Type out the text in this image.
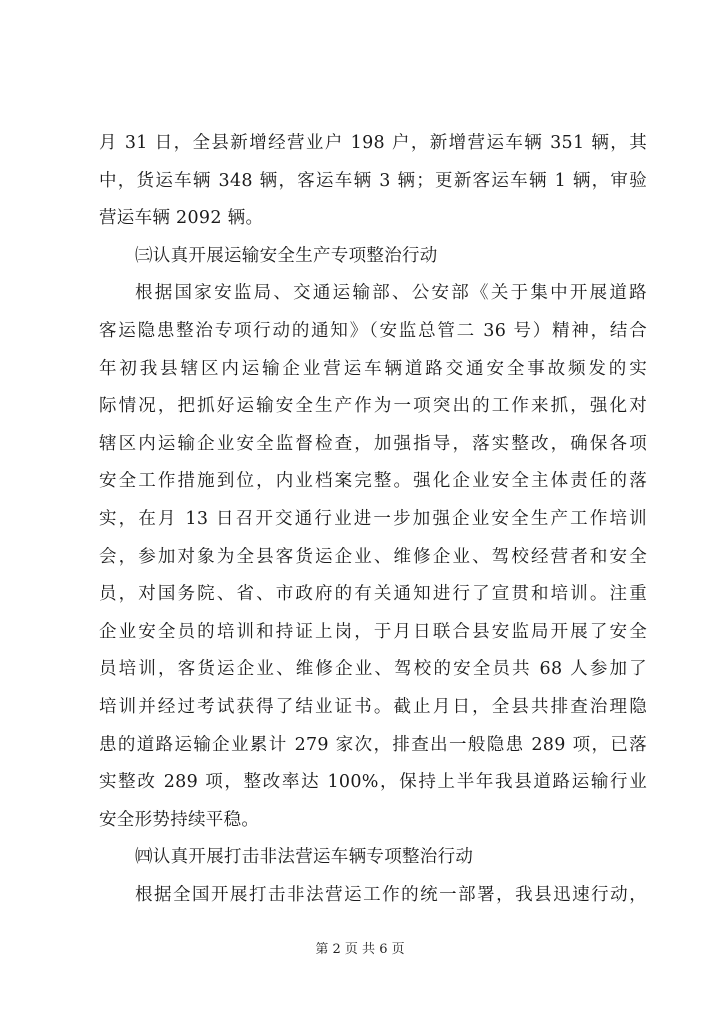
月 31 日，全县新增经营业户 198 户，新增营运车辆 351 辆，其
中，货运车辆 348 辆，客运车辆 3 辆；更新客运车辆 1 辆，审验
营运车辆 2092 辆。
㈢认真开展运输安全生产专项整治行动
根据国家安监局、交通运输部、公安部《关于集中开展道路
客运隐患整治专项行动的通知》（安监总管二 36 号）精神，结合
年初我县辖区内运输企业营运车辆道路交通安全事故频发的实
际情况，把抓好运输安全生产作为一项突出的工作来抓，强化对
辖区内运输企业安全监督检查，加强指导，落实整改，确保各项
安全工作措施到位，内业档案完整。强化企业安全主体责任的落
实，在月 13 日召开交通行业进一步加强企业安全生产工作培训
会，参加对象为全县客货运企业、维修企业、驾校经营者和安全
员，对国务院、省、市政府的有关通知进行了宣贯和培训。注重
企业安全员的培训和持证上岗，于月日联合县安监局开展了安全
员培训，客货运企业、维修企业、驾校的安全员共 68 人参加了
培训并经过考试获得了结业证书。截止月日，全县共排查治理隐
患的道路运输企业累计 279 家次，排查出一般隐患 289 项，已落
实整改 289 项，整改率达 100%，保持上半年我县道路运输行业
安全形势持续平稳。
㈣认真开展打击非法营运车辆专项整治行动
根据全国开展打击非法营运工作的统一部署，我县迅速行动，
第 2 页 共 6 页
